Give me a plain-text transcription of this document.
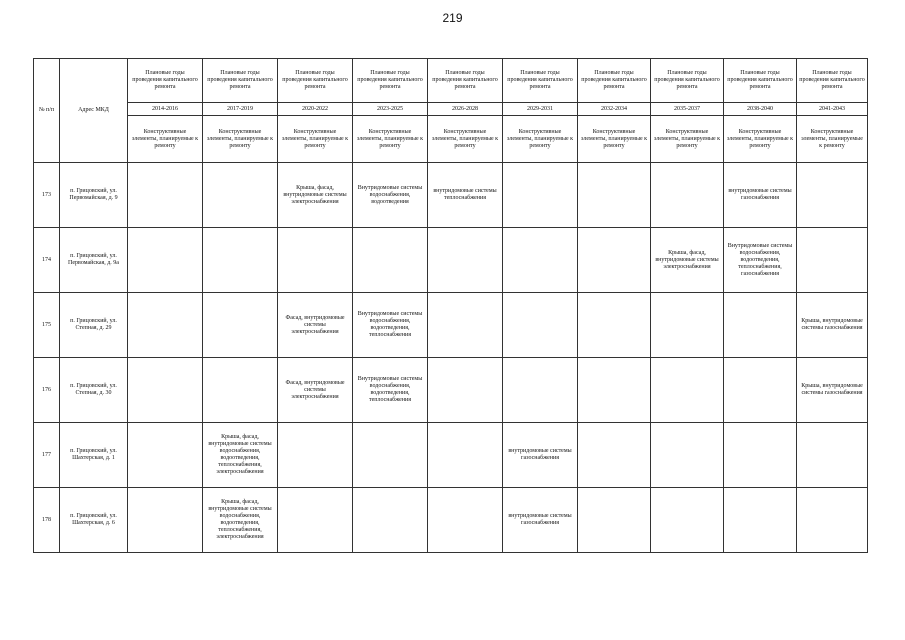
219
№ п/п	Адрес МКД	Плановые годы проведения капитального ремонта	Плановые годы проведения капитального ремонта	Плановые годы проведения капитального ремонта	Плановые годы проведения капитального ремонта	Плановые годы проведения капитального ремонта	Плановые годы проведения капитального ремонта	Плановые годы проведения капитального ремонта	Плановые годы проведения капитального ремонта	Плановые годы проведения капитального ремонта	Плановые годы проведения капитального ремонта
		2014-2016	2017-2019	2020-2022	2023-2025	2026-2028	2029-2031	2032-2034	2035-2037	2038-2040	2041-2043
		Конструктивные элементы, планируемые к ремонту	Конструктивные элементы, планируемые к ремонту	Конструктивные элементы, планируемые к ремонту	Конструктивные элементы, планируемые к ремонту	Конструктивные элементы, планируемые к ремонту	Конструктивные элементы, планируемые к ремонту	Конструктивные элементы, планируемые к ремонту	Конструктивные элементы, планируемые к ремонту	Конструктивные элементы, планируемые к ремонту	Конструктивные элементы, планируемые к ремонту
173	п. Грицовский, ул. Первомайская, д. 9			Крыша, фасад, внутридомовые системы электроснабжения	Внутридомовые системы водоснабжения, водоотведения	внутридомовые системы теплоснабжения				внутридомовые системы газоснабжения	
174	п. Грицовский, ул. Первомайская, д. 9а								Крыша, фасад, внутридомовые системы электроснабжения	Внутридомовые системы водоснабжения, водоотведения, теплоснабжения, газоснабжения	
175	п. Грицовский, ул. Степная, д. 29			Фасад, внутридомовые системы электроснабжения	Внутридомовые системы водоснабжения, водоотведения, теплоснабжения						Крыша, внутридомовые системы газоснабжения
176	п. Грицовский, ул. Степная, д. 30			Фасад, внутридомовые системы электроснабжения	Внутридомовые системы водоснабжения, водоотведения, теплоснабжения						Крыша, внутридомовые системы газоснабжения
177	п. Грицовский, ул. Шахтерская, д. 1		Крыша, фасад, внутридомовые системы водоснабжения, водоотведения, теплоснабжения, электроснабжения				внутридомовые системы газоснабжения				
178	п. Грицовский, ул. Шахтерская, д. 6		Крыша, фасад, внутридомовые системы водоснабжения, водоотведения, теплоснабжения, электроснабжения				внутридомовые системы газоснабжения				
